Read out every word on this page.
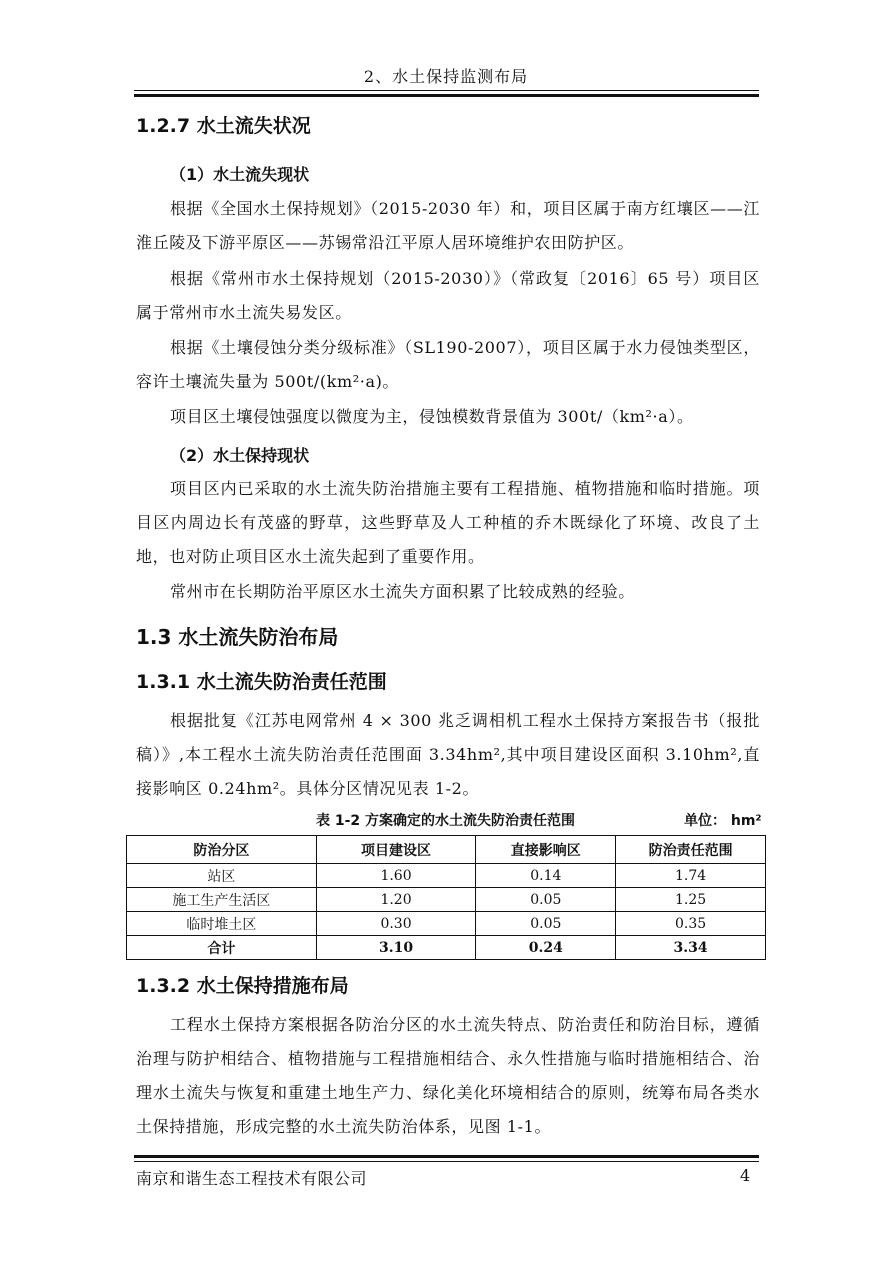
2、水土保持监测布局
1.2.7 水土流失状况
（1）水土流失现状
根据《全国水土保持规划》（2015-2030 年）和，项目区属于南方红壤区——江淮丘陵及下游平原区——苏锡常沿江平原人居环境维护农田防护区。
根据《常州市水土保持规划（2015-2030）》（常政复〔2016〕65 号）项目区属于常州市水土流失易发区。
根据《土壤侵蚀分类分级标准》（SL190-2007），项目区属于水力侵蚀类型区，容许土壤流失量为 500t/(km²·a)。
项目区土壤侵蚀强度以微度为主，侵蚀模数背景值为 300t/（km²·a）。
（2）水土保持现状
项目区内已采取的水土流失防治措施主要有工程措施、植物措施和临时措施。项目区内周边长有茂盛的野草，这些野草及人工种植的乔木既绿化了环境、改良了土地，也对防止项目区水土流失起到了重要作用。
常州市在长期防治平原区水土流失方面积累了比较成熟的经验。
1.3 水土流失防治布局
1.3.1 水土流失防治责任范围
根据批复《江苏电网常州 4 × 300 兆乏调相机工程水土保持方案报告书（报批稿）》,本工程水土流失防治责任范围面 3.34hm²,其中项目建设区面积 3.10hm²,直接影响区 0.24hm²。具体分区情况见表 1-2。
表 1-2 方案确定的水土流失防治责任范围	单位： hm²
防治分区	项目建设区	直接影响区	防治责任范围
站区	1.60	0.14	1.74
施工生产生活区	1.20	0.05	1.25
临时堆土区	0.30	0.05	0.35
合计	3.10	0.24	3.34
1.3.2 水土保持措施布局
工程水土保持方案根据各防治分区的水土流失特点、防治责任和防治目标，遵循治理与防护相结合、植物措施与工程措施相结合、永久性措施与临时措施相结合、治理水土流失与恢复和重建土地生产力、绿化美化环境相结合的原则，统筹布局各类水土保持措施，形成完整的水土流失防治体系，见图 1-1。
南京和谐生态工程技术有限公司	4
